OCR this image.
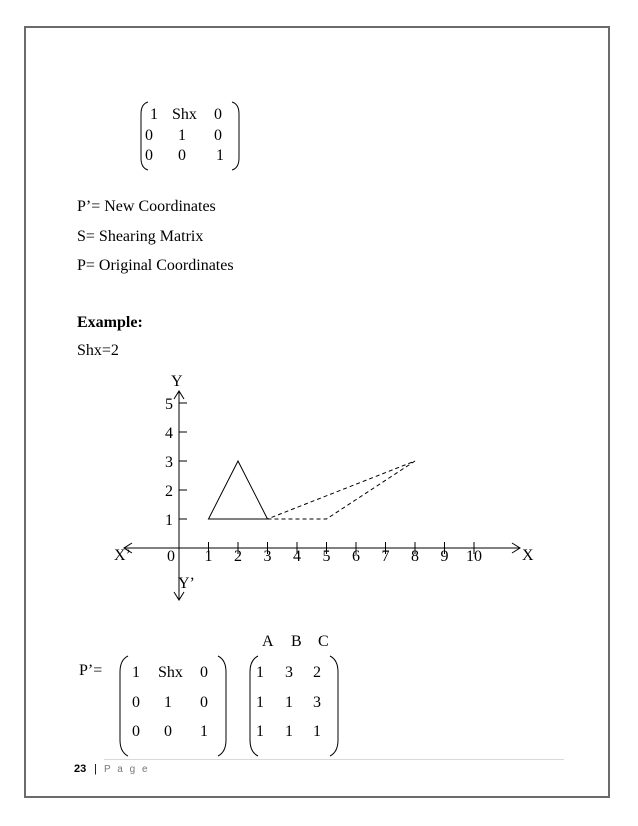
1 Shx	0
0	1	0
0	0	1
P’= New Coordinates
S= Shearing Matrix
P= Original Coordinates
Example:
Shx=2
0 1 2 3 4 5 6 7 8 9 10
1
2
3
4
5
Y
Y’
X
X’
P’= 1	Shx	0
0	1	0
0	0	1
A B C
1	3	2
1	1	3
1	1	1
23 | P a g e
